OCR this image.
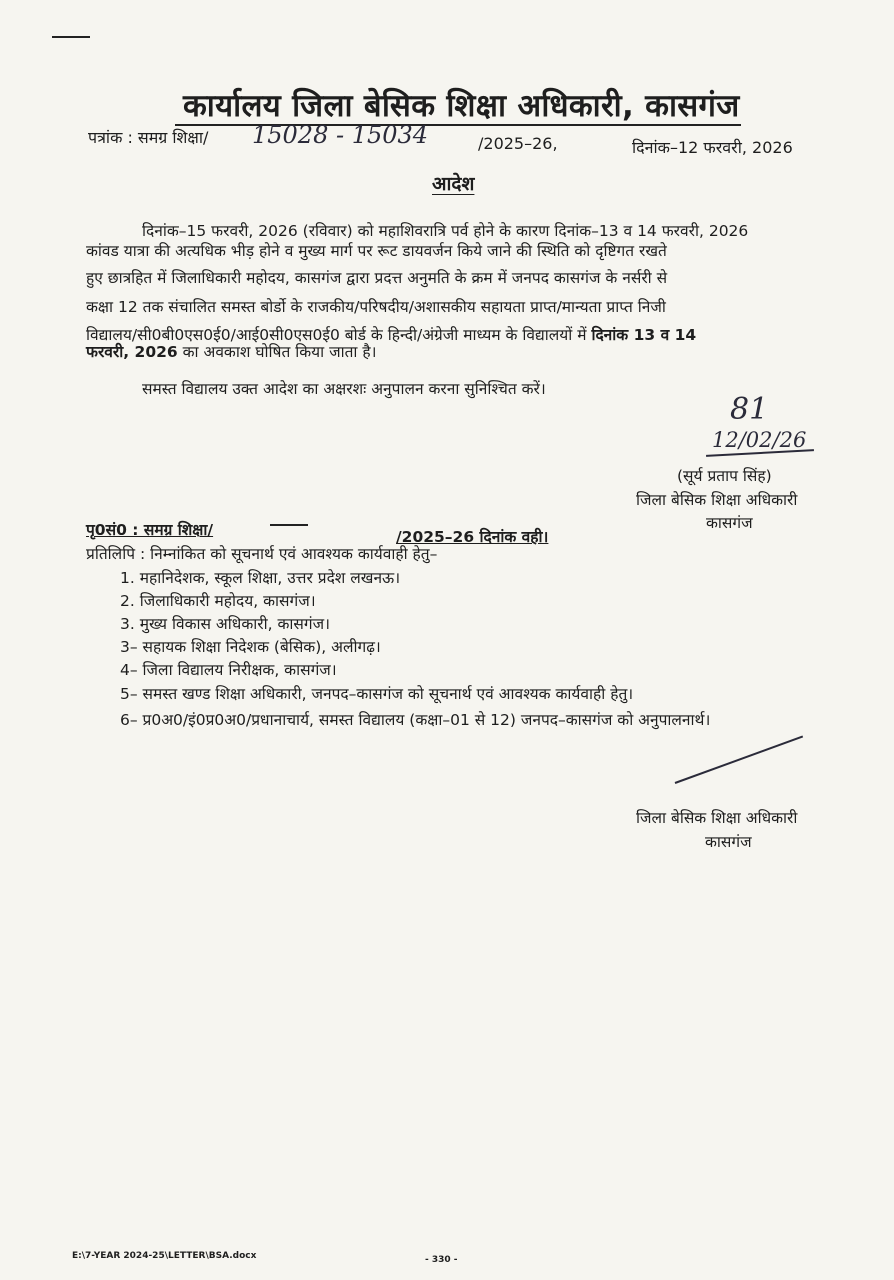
कार्यालय जिला बेसिक शिक्षा अधिकारी, कासगंज
पत्रांक : समग्र शिक्षा/ 15028 - 15034	/2025–26,	दिनांक–12 फरवरी, 2026
आदेश
दिनांक–15 फरवरी, 2026 (रविवार) को महाशिवरात्रि पर्व होने के कारण दिनांक–13 व 14 फरवरी, 2026
कांवड यात्रा की अत्यधिक भीड़ होने व मुख्य मार्ग पर रूट डायवर्जन किये जाने की स्थिति को दृष्टिगत रखते
हुए छात्रहित में जिलाधिकारी महोदय, कासगंज द्वारा प्रदत्त अनुमति के क्रम में जनपद कासगंज के नर्सरी से
कक्षा 12 तक संचालित समस्त बोर्डो के राजकीय/परिषदीय/अशासकीय सहायता प्राप्त/मान्यता प्राप्त निजी
विद्यालय/सी0बी0एस0ई0/आई0सी0एस0ई0 बोर्ड के हिन्दी/अंग्रेजी माध्यम के विद्यालयों में दिनांक 13 व 14
फरवरी, 2026 का अवकाश घोषित किया जाता है।
समस्त विद्यालय उक्त आदेश का अक्षरशः अनुपालन करना सुनिश्चित करें।
81
12/02/26
(सूर्य प्रताप सिंह)
जिला बेसिक शिक्षा अधिकारी
कासगंज
पृ0सं0 : समग्र शिक्षा/	/2025–26 दिनांक वही।
प्रतिलिपि : निम्नांकित को सूचनार्थ एवं आवश्यक कार्यवाही हेतु–
1. महानिदेशक, स्कूल शिक्षा, उत्तर प्रदेश लखनऊ।
2. जिलाधिकारी महोदय, कासगंज।
3. मुख्य विकास अधिकारी, कासगंज।
3– सहायक शिक्षा निदेशक (बेसिक), अलीगढ़।
4– जिला विद्यालय निरीक्षक, कासगंज।
5– समस्त खण्ड शिक्षा अधिकारी, जनपद–कासगंज को सूचनार्थ एवं आवश्यक कार्यवाही हेतु।
6– प्र0अ0/इं0प्र0अ0/प्रधानाचार्य, समस्त विद्यालय (कक्षा–01 से 12) जनपद–कासगंज को अनुपालनार्थ।
जिला बेसिक शिक्षा अधिकारी
कासगंज
E:\7-YEAR 2024-25\LETTER\BSA.docx	- 330 -
